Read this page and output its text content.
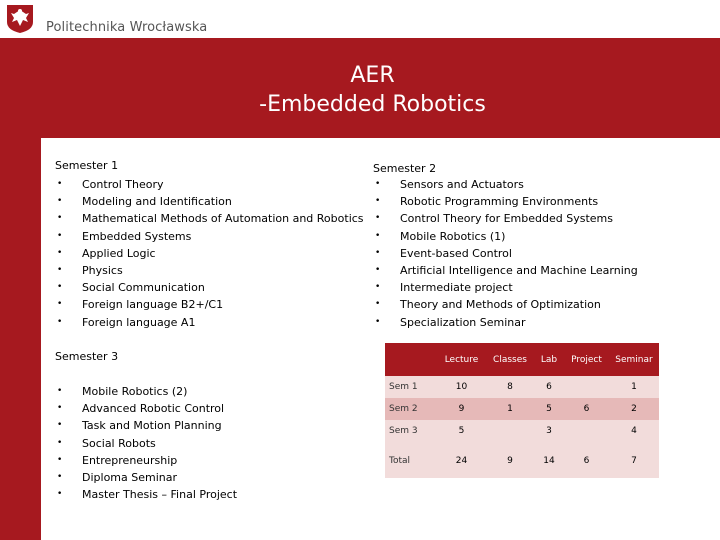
Politechnika Wrocławska
AER
-Embedded Robotics
Semester 1
• Control Theory
• Modeling and Identification
• Mathematical Methods of Automation and Robotics
• Embedded Systems
• Applied Logic
• Physics
• Social Communication
• Foreign language B2+/C1
• Foreign language A1
Semester 2
• Sensors and Actuators
• Robotic Programming Environments
• Control Theory for Embedded Systems
• Mobile Robotics (1)
• Event-based Control
• Artificial Intelligence and Machine Learning
• Intermediate project
• Theory and Methods of Optimization
• Specialization Seminar
Semester 3
• Mobile Robotics (2)
• Advanced Robotic Control
• Task and Motion Planning
• Social Robots
• Entrepreneurship
• Diploma Seminar
• Master Thesis – Final Project
	Lecture	Classes	Lab	Project	Seminar
Sem 1	10	8	6		1
Sem 2	9	1	5	6	2
Sem 3	5		3		4
Total	24	9	14	6	7
